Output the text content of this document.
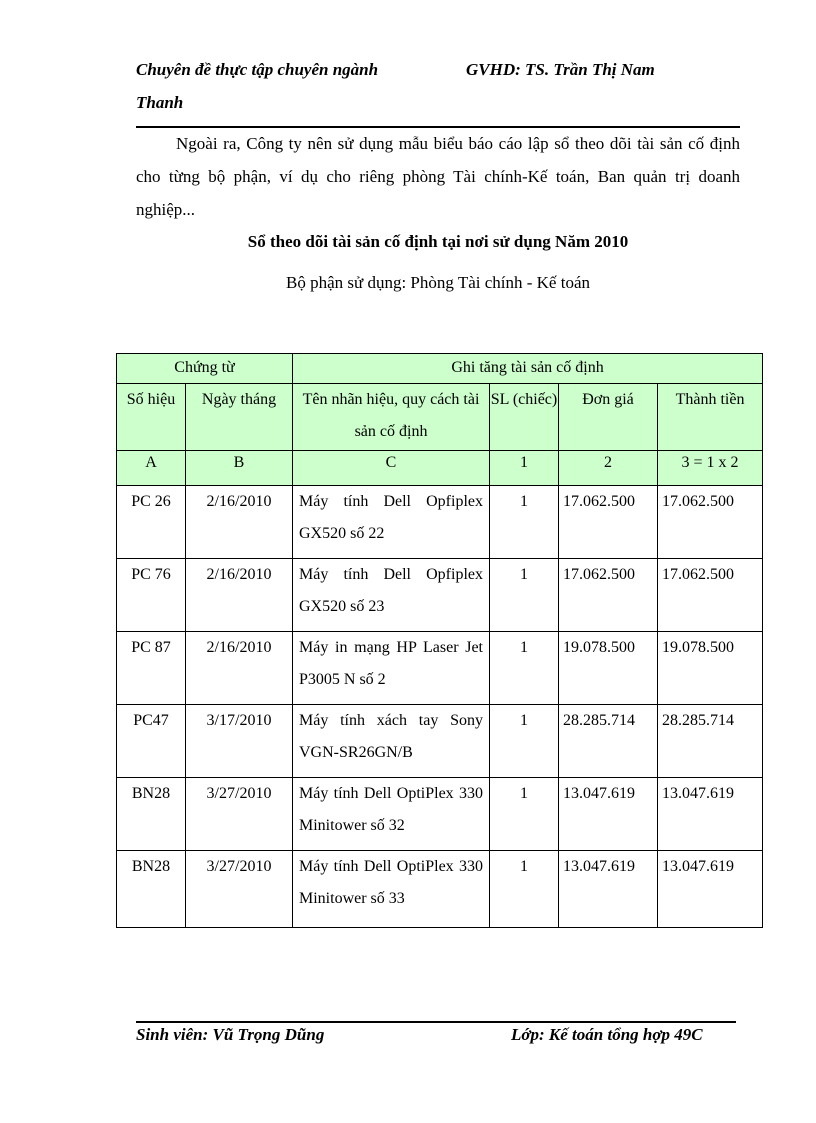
Chuyên đề thực tập chuyên ngành	GVHD: TS. Trần Thị Nam
Thanh
Ngoài ra, Công ty nên sử dụng mẫu biểu báo cáo lập sổ theo dõi tài sản cố định cho từng bộ phận, ví dụ cho riêng phòng Tài chính-Kế toán, Ban quản trị doanh nghiệp...
Sổ theo dõi tài sản cố định tại nơi sử dụng Năm 2010
Bộ phận sử dụng: Phòng Tài chính - Kế toán
Chứng từ		Ghi tăng tài sản cố định			
Số hiệu	Ngày tháng	Tên nhãn hiệu, quy cách tài sản cố định	SL (chiếc)	Đơn giá	Thành tiền
A	B	C	1	2	3 = 1 x 2
PC 26	2/16/2010	Máy tính Dell Opfiplex GX520 số 22	1	17.062.500	17.062.500
PC 76	2/16/2010	Máy tính Dell Opfiplex GX520 số 23	1	17.062.500	17.062.500
PC 87	2/16/2010	Máy in mạng HP Laser Jet P3005 N số 2	1	19.078.500	19.078.500
PC47	3/17/2010	Máy tính xách tay Sony VGN-SR26GN/B	1	28.285.714	28.285.714
BN28	3/27/2010	Máy tính Dell OptiPlex 330 Minitower số 32	1	13.047.619	13.047.619
BN28	3/27/2010	Máy tính Dell OptiPlex 330 Minitower số 33	1	13.047.619	13.047.619
Sinh viên: Vũ Trọng Dũng	Lớp: Kế toán tổng hợp 49C
